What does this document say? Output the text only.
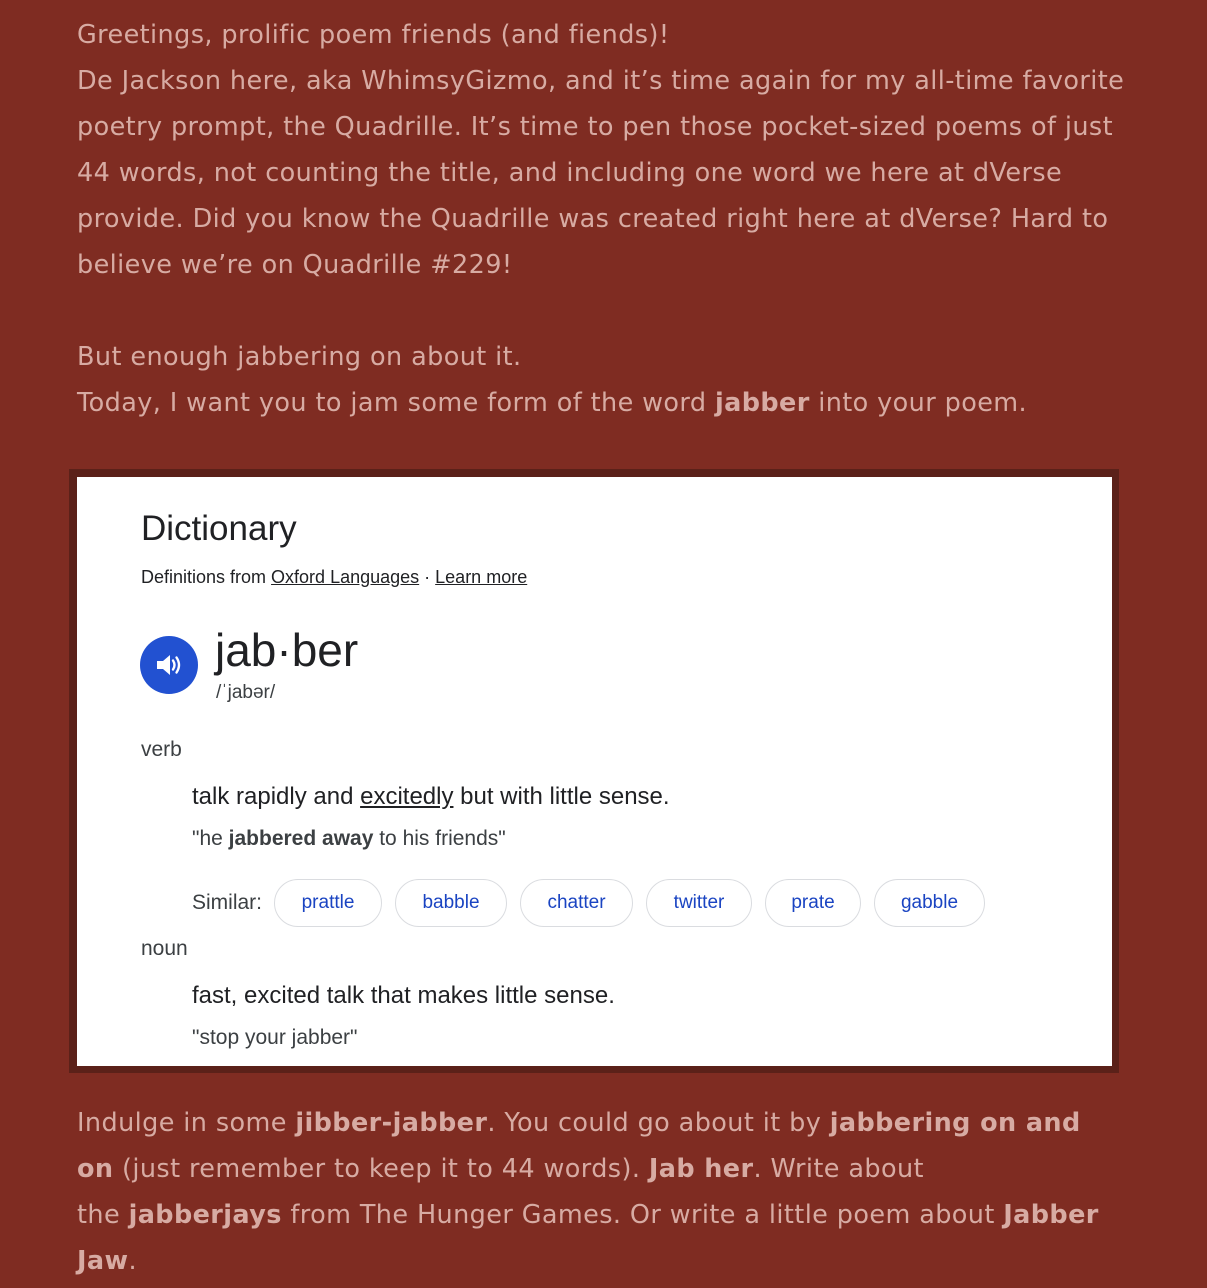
Greetings, prolific poem friends (and fiends)!
De Jackson here, aka WhimsyGizmo, and it’s time again for my all-time favorite
poetry prompt, the Quadrille. It’s time to pen those pocket-sized poems of just
44 words, not counting the title, and including one word we here at dVerse
provide. Did you know the Quadrille was created right here at dVerse? Hard to
believe we’re on Quadrille #229!
But enough jabbering on about it.
Today, I want you to jam some form of the word jabber into your poem.
Dictionary
Definitions from Oxford Languages · Learn more
jab·ber
/ˈjabər/
verb
talk rapidly and excitedly but with little sense.
"he jabbered away to his friends"
Similar:	prattle	babble	chatter	twitter	prate	gabble
noun
fast, excited talk that makes little sense.
"stop your jabber"
Indulge in some jibber-jabber. You could go about it by jabbering on and
on (just remember to keep it to 44 words). Jab her. Write about
the jabberjays from The Hunger Games. Or write a little poem about Jabber
Jaw.
